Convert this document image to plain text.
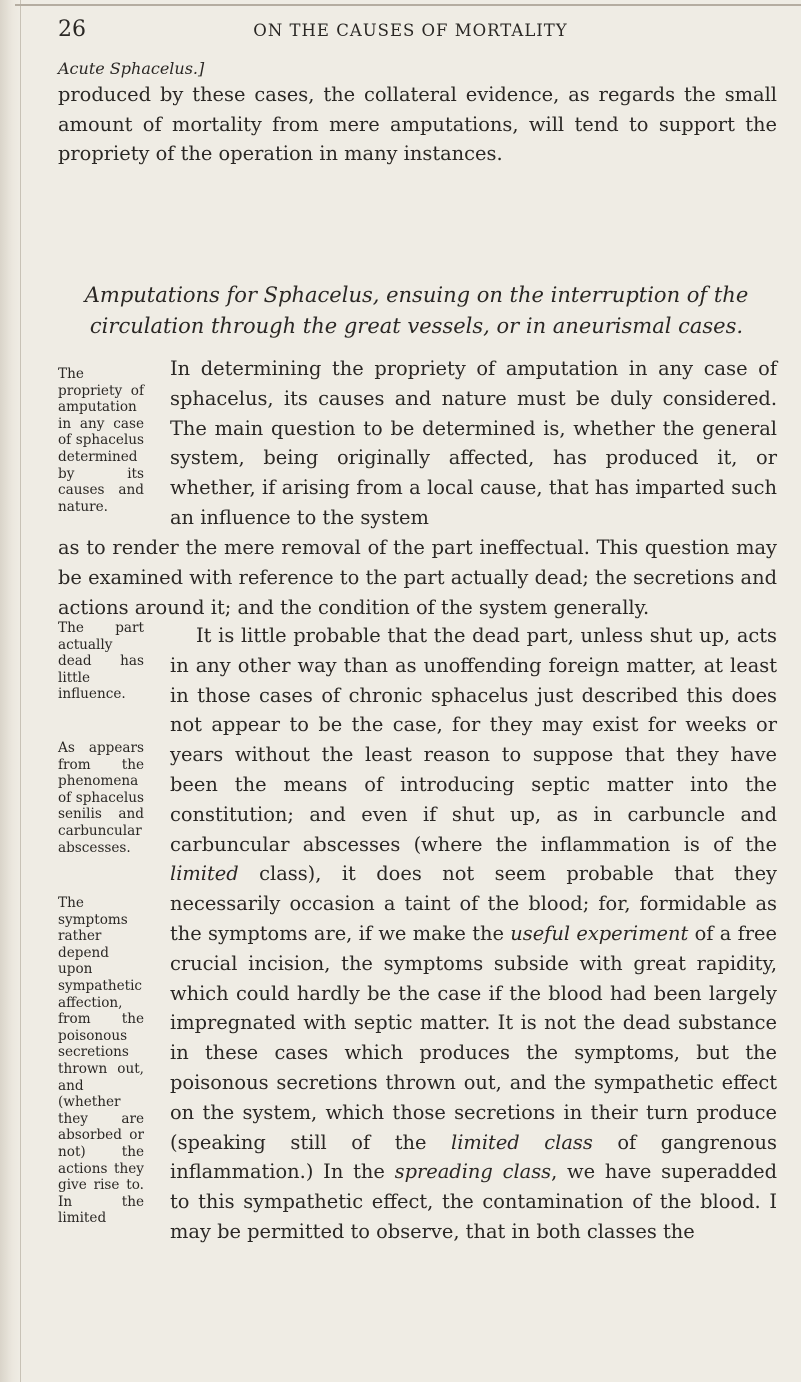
26	ON THE CAUSES OF MORTALITY
Acute Sphacelus.]

produced by these cases, the collateral evidence, as regards the small amount of mortality from mere amputations, will tend to support the propriety of the operation in many instances.

Amputations for Sphacelus, ensuing on the interruption of the circulation through the great vessels, or in aneurismal cases.
The propriety of amputation in any case of sphacelus determined by its causes and nature.
The part actually dead has little influence.
As appears from the phenomena of sphacelus senilis and carbuncular abscesses.
The symptoms rather depend upon sympathetic affection, from the poisonous secretions thrown out, and (whether they are absorbed or not) the actions they give rise to. In the limited

In determining the propriety of amputation in any case of sphacelus, its causes and nature must be duly considered. The main question to be determined is, whether the general system, being originally affected, has produced it, or whether, if arising from a local cause, that has imparted such an influence to the system

as to render the mere removal of the part ineffectual. This question may be examined with reference to the part actually dead; the secretions and actions around it; and the condition of the system generally.

It is little probable that the dead part, unless shut up, acts in any other way than as unoffending foreign matter, at least in those cases of chronic sphacelus just described this does not appear to be the case, for they may exist for weeks or years without the least reason to suppose that they have been the means of introducing septic matter into the constitution; and even if shut up, as in carbuncle and carbuncular abscesses (where the inflammation is of the limited class), it does not seem probable that they necessarily occasion a taint of the blood; for, formidable as the symptoms are, if we make the useful experiment of a free crucial incision, the symptoms subside with great rapidity, which could hardly be the case if the blood had been largely impregnated with septic matter. It is not the dead substance in these cases which produces the symptoms, but the poisonous secretions thrown out, and the sympathetic effect on the system, which those secretions in their turn produce (speaking still of the limited class of gangrenous inflammation.) In the spreading class, we have superadded to this sympathetic effect, the contamination of the blood. I may be permitted to observe, that in both classes the
